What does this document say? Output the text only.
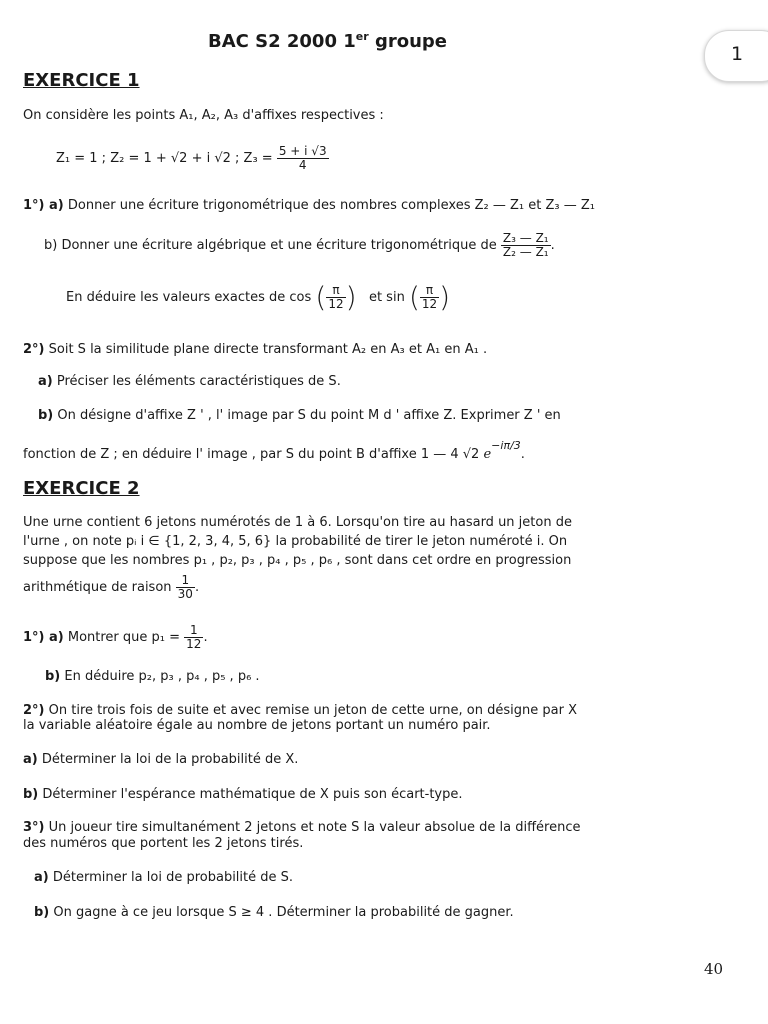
BAC S2 2000 1er groupe
1
EXERCICE 1
On considère les points A₁, A₂, A₃ d'affixes respectives :
Z₁ = 1 ; Z₂ = 1 + √2 + i √2 ; $Z_3 = \frac{5 + i √3}{4}$
1°) a) Donner une écriture trigonométrique des nombres complexes Z₂ — Z₁ et Z₃ — Z₁
b) Donner une écriture algébrique et une écriture trigonométrique de $\frac{\text{Z₃ — Z₁}}{\text{Z₂ — Z₁}}$ .
En déduire les valeurs exactes de cos ( $\frac{\pi}{12}$ ) et sin ( $\frac{\pi}{12}$ )
2°) Soit S la similitude plane directe transformant A₂ en A₃ et A₁ en A₁ .
a) Préciser les éléments caractéristiques de S.
b) On désigne d'affixe Z ' , l' image par S du point M d ' affixe Z. Exprimer Z ' en
fonction de Z ; en déduire l' image , par S du point B d'affixe 1 — 4 √2 $e^{-i\pi/3}$.
EXERCICE 2
Une urne contient 6 jetons numérotés de 1 à 6. Lorsqu'on tire au hasard un jeton de
l'urne , on note pᵢ i ∈ {1, 2, 3, 4, 5, 6} la probabilité de tirer le jeton numéroté i. On
suppose que les nombres p₁ , p₂, p₃ , p₄ , p₅ , p₆ , sont dans cet ordre en progression
arithmétique de raison $\frac{1}{30}$ .
1°) a) Montrer que $p_1 = \frac{1}{12}$ .
b) En déduire p₂, p₃ , p₄ , p₅ , p₆ .
2°) On tire trois fois de suite et avec remise un jeton de cette urne, on désigne par X
la variable aléatoire égale au nombre de jetons portant un numéro pair.
a) Déterminer la loi de la probabilité de X.
b) Déterminer l'espérance mathématique de X puis son écart-type.
3°) Un joueur tire simultanément 2 jetons et note S la valeur absolue de la différence
des numéros que portent les 2 jetons tirés.
a) Déterminer la loi de probabilité de S.
b) On gagne à ce jeu lorsque S ≥ 4 . Déterminer la probabilité de gagner.
40
